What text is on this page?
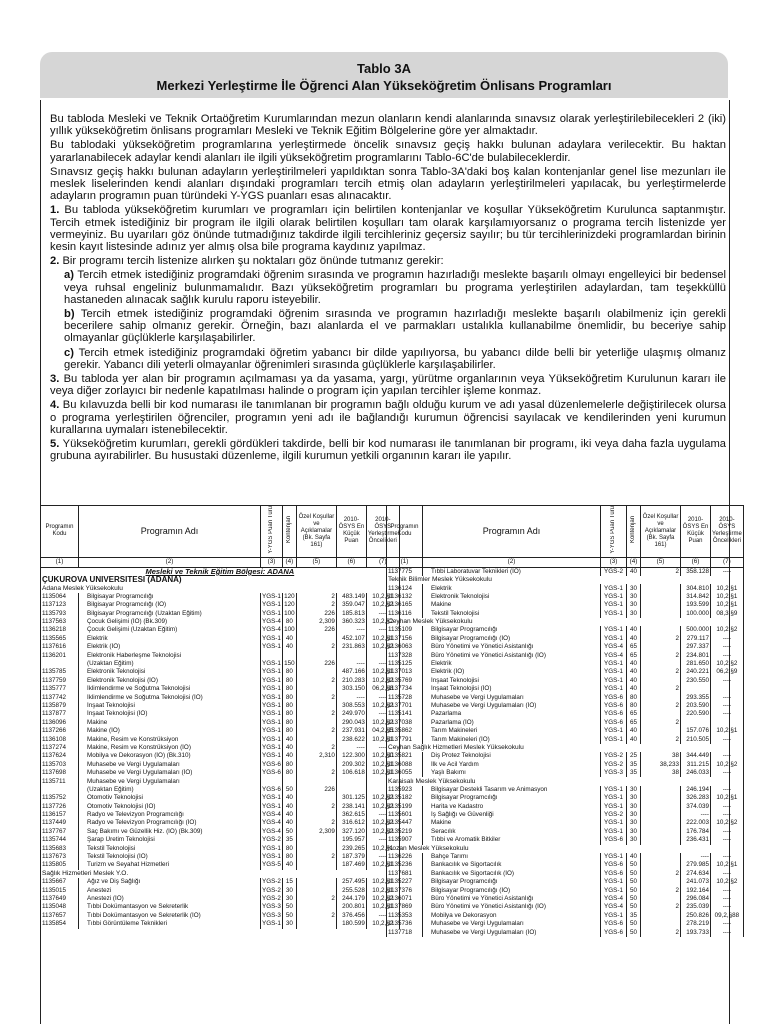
Tablo 3A
Merkezi Yerleştirme İle Öğrenci Alan Yükseköğretim Önlisans Programları

Bu tabloda Mesleki ve Teknik Ortaöğretim Kurumlarından mezun olanların kendi alanlarında sınavsız olarak yerleştirilebilecekleri 2 (iki) yıllık yükseköğretim önlisans programları Mesleki ve Teknik Eğitim Bölgelerine göre yer almaktadır.

Bu tablodaki yükseköğretim programlarına yerleştirmede öncelik sınavsız geçiş hakkı bulunan adaylara verilecektir. Bu haktan yararlanabilecek adaylar kendi alanları ile ilgili yükseköğretim programlarını Tablo-6C'de bulabileceklerdir.

Sınavsız geçiş hakkı bulunan adayların yerleştirilmeleri yapıldıktan sonra Tablo-3A'daki boş kalan kontenjanlar genel lise mezunları ile meslek liselerinden kendi alanları dışındaki programları tercih etmiş olan adayların yerleştirilmeleri yapılacak, bu yerleştirmelerde adayların programın puan türündeki Y-YGS puanları esas alınacaktır.

1. Bu tabloda yükseköğretim kurumları ve programları için belirtilen kontenjanlar ve koşullar Yükseköğretim Kurulunca saptanmıştır. Tercih etmek istediğiniz bir program ile ilgili olarak belirtilen koşulları tam olarak karşılamıyorsanız o programa tercih listenizde yer vermeyiniz. Bu uyarıları göz önünde tutmadığınız takdirde ilgili tercihleriniz geçersiz sayılır; bu tür tercihlerinizdeki programlardan birinin kesin kayıt listesinde adınız yer almış olsa bile programa kaydınız yapılmaz.

2. Bir programı tercih listenize alırken şu noktaları göz önünde tutmanız gerekir:

a) Tercih etmek istediğiniz programdaki öğrenim sırasında ve programın hazırladığı meslekte başarılı olmayı engelleyici bir bedensel veya ruhsal engeliniz bulunmamalıdır. Bazı yükseköğretim programları bu programa yerleştirilen adaylardan, tam teşekküllü hastaneden alınacak sağlık kurulu raporu isteyebilir.

b) Tercih etmek istediğiniz programdaki öğrenim sırasında ve programın hazırladığı meslekte başarılı olabilmeniz için gerekli becerilere sahip olmanız gerekir. Örneğin, bazı alanlarda el ve parmakları ustalıkla kullanabilme önemlidir, bu beceriye sahip olmayanlar güçlüklerle karşılaşabilirler.

c) Tercih etmek istediğiniz programdaki öğretim yabancı bir dilde yapılıyorsa, bu yabancı dilde belli bir yeterliğe ulaşmış olmanız gerekir. Yabancı dili yeterli olmayanlar öğrenimleri sırasında güçlüklerle karşılaşabilirler.

3. Bu tabloda yer alan bir programın açılmaması ya da yasama, yargı, yürütme organlarının veya Yükseköğretim Kurulunun kararı ile veya diğer zorlayıcı bir nedenle kapatılması halinde o program için yapılan tercihler işleme konmaz.

4. Bu kılavuzda belli bir kod numarası ile tanımlanan bir programın bağlı olduğu kurum ve adı yasal düzenlemelerle değiştirilecek olursa o programa yerleştirilen öğrenciler, programın yeni adı ile bağlandığı kurumun öğrencisi sayılacak ve kendilerinden yeni kurumun kurallarına uymaları istenebilecektir.

5. Yükseköğretim kurumları, gerekli gördükleri takdirde, belli bir kod numarası ile tanımlanan bir programı, iki veya daha fazla uygulama grubuna ayırabilirler. Bu husustaki düzenleme, ilgili kurumun yetkili organının kararı ile yapılır.

Programın Kodu	Programın Adı	Y-YGS Puan Türü	Kontenjan	Özel Koşullar ve Açıklamalar (Bk. Sayfa 161)	2010-ÖSYS En Küçük Puan	2010-ÖSYS Yerleştirme Öncelikleri
(1)	(2)	(3)	(4)	(5)	(6)	(7)
Mesleki ve Teknik Eğitim Bölgesi: ADANA						
ÇUKUROVA ÜNİVERSİTESİ (ADANA)						
Adana Meslek Yüksekokulu						
1135064	Bilgisayar Programcılığı	YGS-1	120	2	483.149	10,2,§1
1137123	Bilgisayar Programcılığı (İÖ)	YGS-1	120	2	359.047	10,2,§2
1135793	Bilgisayar Programcılığı (Uzaktan Eğitim)	YGS-1	100	226	185.813	----
1137563	Çocuk Gelişimi (İÖ) (Bk.309)	YGS-4	80	2,309	360.323	10,2,§2
1136218	Çocuk Gelişimi (Uzaktan Eğitim)	YGS-4	100	226	----	----
1135565	Elektrik	YGS-1	40		452.107	10,2,§1
1137616	Elektrik (İÖ)	YGS-1	40	2	231.863	10,2,§2
1136201	Elektronik Haberleşme Teknolojisi					
	(Uzaktan Eğitim)	YGS-1	150	226	----	----
1135785	Elektronik Teknolojisi	YGS-1	80		487.166	10,2,§1
1137759	Elektronik Teknolojisi (İÖ)	YGS-1	80	2	210.283	10,2,§2
1135777	İklimlendirme ve Soğutma Teknolojisi	YGS-1	80		303.150	06,2,§8
1137742	İklimlendirme ve Soğutma Teknolojisi (İÖ)	YGS-1	80	2	----	----
1135879	İnşaat Teknolojisi	YGS-1	80		308.553	10,2,§2
1137877	İnşaat Teknolojisi (İÖ)	YGS-1	80	2	249.970	----
1136096	Makine	YGS-1	80		290.043	10,2,§2
1137266	Makine (İÖ)	YGS-1	80	2	237.931	04,2,§5
1136108	Makine, Resim ve Konstrüksiyon	YGS-1	40		238.622	10,2,§1
1137274	Makine, Resim ve Konstrüksiyon (İÖ)	YGS-1	40	2	----	----
1137624	Mobilya ve Dekorasyon (İÖ) (Bk.310)	YGS-1	40	2,310	122.300	10,2,§0
1135703	Muhasebe ve Vergi Uygulamaları	YGS-6	80		209.302	10,2,§1
1137698	Muhasebe ve Vergi Uygulamaları (İÖ)	YGS-6	80	2	106.618	10,2,§1
1135711	Muhasebe ve Vergi Uygulamaları					
	(Uzaktan Eğitim)	YGS-6	50	226		
1135752	Otomotiv Teknolojisi	YGS-1	40		301.125	10,2,§2
1137726	Otomotiv Teknolojisi (İÖ)	YGS-1	40	2	238.141	10,2,§2
1136157	Radyo ve Televizyon Programcılığı	YGS-4	40		362.615	----
1137449	Radyo ve Televizyon Programcılığı (İÖ)	YGS-4	40	2	316.612	10,2,§2
1137767	Saç Bakımı ve Güzellik Hiz. (İÖ) (Bk.309)	YGS-4	50	2,309	327.120	10,2,§2
1135744	Şarap Üretim Teknolojisi	YGS-2	35		195.957	----
1135683	Tekstil Teknolojisi	YGS-1	80		239.265	10,2,§1
1137673	Tekstil Teknolojisi (İÖ)	YGS-1	80	2	187.379	----
1135805	Turizm ve Seyahat Hizmetleri	YGS-5	40		187.469	10,2,§1
Sağlık Hizmetleri Meslek Y.O.						
1135667	Ağız ve Diş Sağlığı	YGS-2	15		257.495	10,2,§1
1135015	Anestezi	YGS-2	30		255.528	10,2,§1
1137649	Anestezi (İÖ)	YGS-2	30	2	244.179	10,2,§2
1135048	Tıbbi Dokümantasyon ve Sekreterlik	YGS-3	50		200.801	10,2,§1
1137657	Tıbbi Dokümantasyon ve Sekreterlik (İÖ)	YGS-3	50	2	376.456	----
1135854	Tıbbi Görüntüleme Teknikleri	YGS-1	30		180.599	10,2,§2
Programın Kodu	Programın Adı	Y-YGS Puan Türü	Kontenjan	Özel Koşullar ve Açıklamalar (Bk. Sayfa 161)	2010-ÖSYS En Küçük Puan	2010-ÖSYS Yerleştirme Öncelikleri
(1)	(2)	(3)	(4)	(5)	(6)	(7)
1137775	Tıbbi Laboratuvar Teknikleri (İÖ)	YGS-2	40	2	358.128	----
Teknik Bilimler Meslek Yüksekokulu						
1136124	Elektrik	YGS-1	30		304.810	10,2,§1
1136132	Elektronik Teknolojisi	YGS-1	30		314.842	10,2,§1
1136165	Makine	YGS-1	30		193.599	10,2,§1
1136116	Tekstil Teknolojisi	YGS-1	30		100.000	08,3,§9
Ceyhan Meslek Yüksekokulu						
1135109	Bilgisayar Programcılığı	YGS-1	40		500.000	10,2,§2
1137156	Bilgisayar Programcılığı (İÖ)	YGS-1	40	2	279.117	----
1136063	Büro Yönetimi ve Yönetici Asistanlığı	YGS-4	65		297.337	----
1137328	Büro Yönetimi ve Yönetici Asistanlığı (İÖ)	YGS-4	65	2	234.801	----
1135125	Elektrik	YGS-1	40		281.650	10,2,§2
1137013	Elektrik (İÖ)	YGS-1	40	2	240.221	06,2,§9
1135769	İnşaat Teknolojisi	YGS-1	40		230.550	----
1137734	İnşaat Teknolojisi (İÖ)	YGS-1	40	2		
1135728	Muhasebe ve Vergi Uygulamaları	YGS-6	80		293.355	----
1137701	Muhasebe ve Vergi Uygulamaları (İÖ)	YGS-6	80	2	203.590	----
1135141	Pazarlama	YGS-6	65		220.590	----
1137038	Pazarlama (İÖ)	YGS-6	65	2		
1135862	Tarım Makineleri	YGS-1	40		157.076	10,2,§1
1137791	Tarım Makineleri (İÖ)	YGS-1	40	2	210.505	----
Ceyhan Sağlık Hizmetleri Meslek Yüksekokulu						
1135821	Diş Protez Teknolojisi	YGS-2	25	38	344.449	----
1136088	İlk ve Acil Yardım	YGS-2	35	38,233	311.215	10,2,§2
1136055	Yaşlı Bakımı	YGS-3	35	38	246.033	----
Karaisalı Meslek Yüksekokulu						
1135923	Bilgisayar Destekli Tasarım ve Animasyon	YGS-1	30		246.194	----
1135182	Bilgisayar Programcılığı	YGS-1	30		326.283	10,2,§1
1135199	Harita ve Kadastro	YGS-1	30		374.039	----
1135601	İş Sağlığı ve Güvenliği	YGS-2	30		----	----
1135447	Makine	YGS-1	30		222.003	10,2,§2
1135219	Seracılık	YGS-1	30		176.784	----
1135907	Tıbbi ve Aromatik Bitkiler	YGS-6	30		236.431	----
Kozan Meslek Yüksekokulu						
1136226	Bahçe Tarımı	YGS-1	40		----	----
1135236	Bankacılık ve Sigortacılık	YGS-6	50		279.985	10,2,§1
1137681	Bankacılık ve Sigortacılık (İÖ)	YGS-6	50	2	274.634	----
1135227	Bilgisayar Programcılığı	YGS-1	50		241.073	10,2,§2
1137376	Bilgisayar Programcılığı (İÖ)	YGS-1	50	2	192.164	----
1136071	Büro Yönetimi ve Yönetici Asistanlığı	YGS-4	50		296.084	----
1137869	Büro Yönetimi ve Yönetici Asistanlığı (İÖ)	YGS-4	50	2	235.039	----
1135353	Mobilya ve Dekorasyon	YGS-1	35		250.826	09,2,§88
1135736	Muhasebe ve Vergi Uygulamaları	YGS-6	50		278.219	----
1137718	Muhasebe ve Vergi Uygulamaları (İÖ)	YGS-6	50	2	193.733	----
